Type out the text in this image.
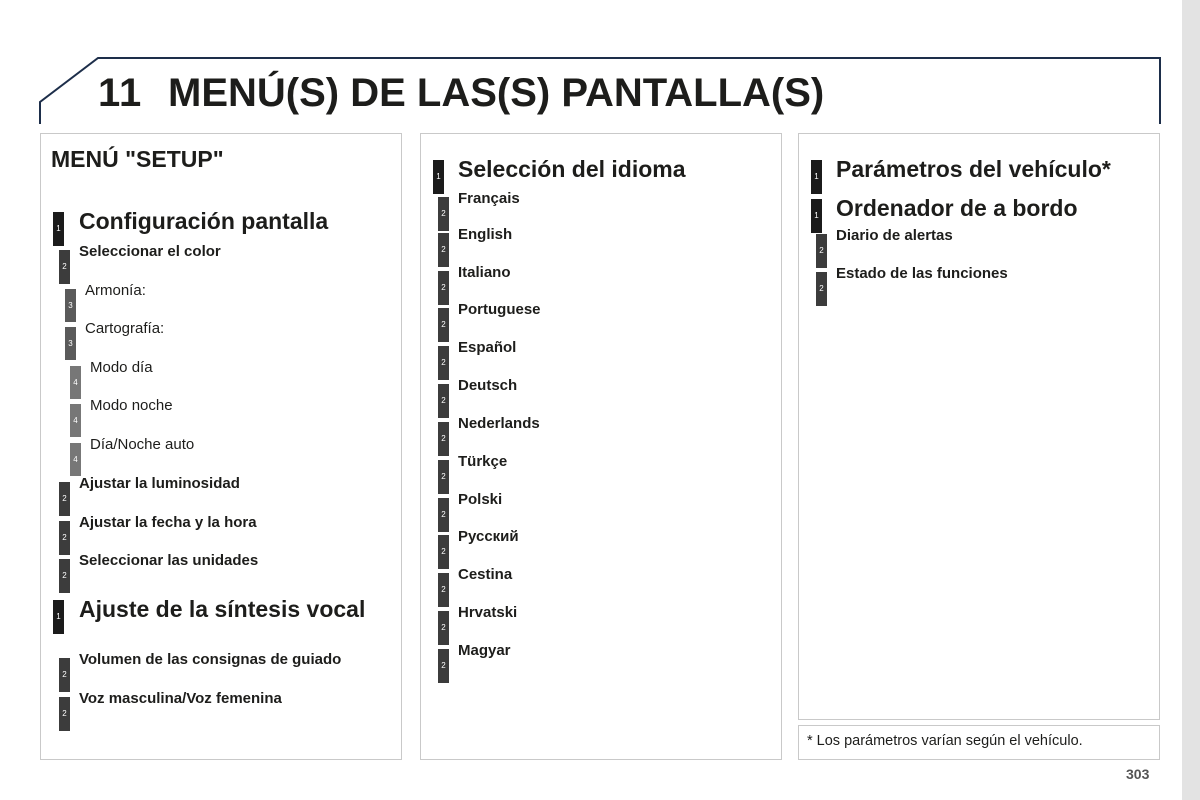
11 MENÚ(S) DE LAS(S) PANTALLA(S)
MENÚ "SETUP"
1 Configuración pantalla
2
Seleccionar el color
3
Armonía:
3
Cartografía:
4
Modo día
4
Modo noche
4
Día/Noche auto
2
Ajustar la luminosidad
2
Ajustar la fecha y la hora
2
Seleccionar las unidades
1 Ajuste de la síntesis vocal
2
Volumen de las consignas de guiado
2
Voz masculina/Voz femenina
1 Selección del idioma
2
Français
2
English
2
Italiano
2
Portuguese
2
Español
2
Deutsch
2
Nederlands
2
Türkçe
2
Polski
2
Русский
2
Cestina
2
Hrvatski
2
Magyar
1 Parámetros del vehículo*
1 Ordenador de a bordo
2
Diario de alertas
2
Estado de las funciones
* Los parámetros varían según el vehículo.
303
